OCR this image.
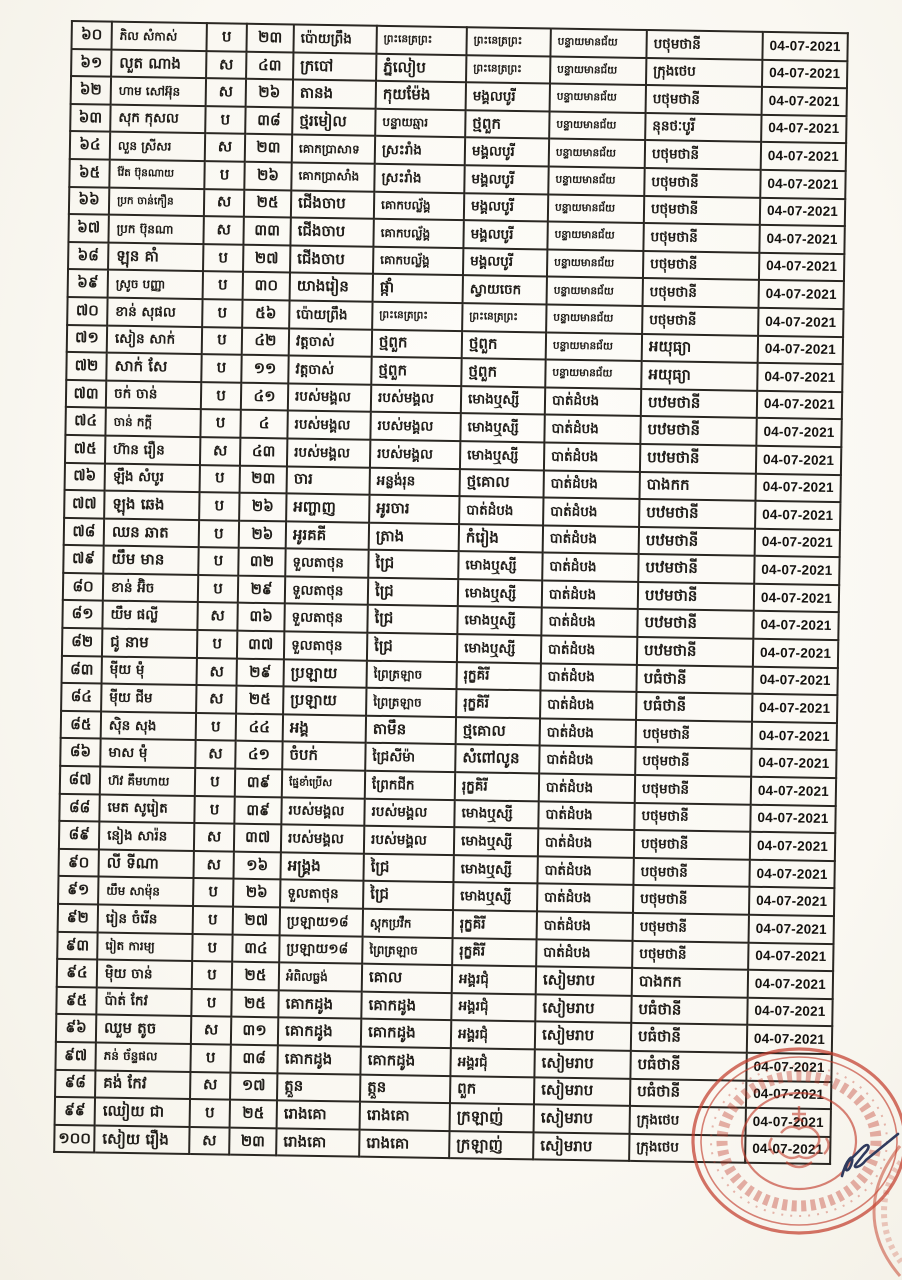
៦០	ភិល សំកាស់	ប	២៣	ប៉ោយព្រឹង	ព្រះនេត្រព្រះ	ព្រះនេត្រព្រះ	បន្ទាយមានជ័យ	បថុមថានី	04-07-2021
៦១	លួត ណាង	ស	៤៣	ក្របៅ	ភ្នំលៀប	ព្រះនេត្រព្រះ	បន្ទាយមានជ័យ	ក្រុងថេប	04-07-2021
៦២	ហាម សៅអ៊ុន	ស	២៦	តានង	កុយម៉ែង	មង្គលបូរី	បន្ទាយមានជ័យ	បថុមថានី	04-07-2021
៦៣	សុក កុសល	ប	៣៨	ថ្មរមៀល	បន្ទាយឆ្មារ	ថ្មពួក	បន្ទាយមានជ័យ	នុនថៈបូរី	04-07-2021
៦៤	លួន ស្រីសរ	ស	២៣	គោកប្រាសាទ	ស្រះរាំង	មង្គលបូរី	បន្ទាយមានជ័យ	បថុមថានី	04-07-2021
៦៥	វ៉ែត ប៊ុនណាយ	ប	២៦	គោកប្រាសាំង	ស្រះរាំង	មង្គលបូរី	បន្ទាយមានជ័យ	បថុមថានី	04-07-2021
៦៦	ប្រក ចាន់កឿន	ស	២៥	ជើងចាប	គោកបល្ល័ង្គ	មង្គលបូរី	បន្ទាយមានជ័យ	បថុមថានី	04-07-2021
៦៧	ប្រក ប៊ុនណា	ស	៣៣	ជើងចាប	គោកបល្ល័ង្គ	មង្គលបូរី	បន្ទាយមានជ័យ	បថុមថានី	04-07-2021
៦៨	ឡុន គាំ	ប	២៧	ជើងចាប	គោកបល្ល័ង្គ	មង្គលបូរី	បន្ទាយមានជ័យ	បថុមថានី	04-07-2021
៦៩	ស្រូច បញ្ញា	ប	៣០	យាងរៀន	ផ្កាំ	ស្វាយចេក	បន្ទាយមានជ័យ	បថុមថានី	04-07-2021
៧០	ខាន់ សុផល	ប	៥៦	ប៉ោយព្រឹង	ព្រះនេត្រព្រះ	ព្រះនេត្រព្រះ	បន្ទាយមានជ័យ	បថុមថានី	04-07-2021
៧១	សៀន សាក់	ប	៤២	វត្តចាស់	ថ្មពួក	ថ្មពួក	បន្ទាយមានជ័យ	អយុធ្យា	04-07-2021
៧២	សាក់ សែ	ប	១១	វត្តចាស់	ថ្មពួក	ថ្មពួក	បន្ទាយមានជ័យ	អយុធ្យា	04-07-2021
៧៣	ចក់ ចាន់	ប	៤១	របស់មង្គល	របស់មង្គល	មោងឬស្សី	បាត់ដំបង	បឋមថានី	04-07-2021
៧៤	ចាន់ កក្ដី	ប	៤	របស់មង្គល	របស់មង្គល	មោងឬស្សី	បាត់ដំបង	បឋមថានី	04-07-2021
៧៥	ហ៊ាន រឿន	ស	៤៣	របស់មង្គល	របស់មង្គល	មោងឬស្សី	បាត់ដំបង	បឋមថានី	04-07-2021
៧៦	ឡឹង សំបូរ	ប	២៣	ចារ	អន្លង់រុន	ថ្មគោល	បាត់ដំបង	បាងកក	04-07-2021
៧៧	ឡុង ឆេង	ប	២៦	អញ្ចាញ	អូរចារ	បាត់ដំបង	បាត់ដំបង	បឋមថានី	04-07-2021
៧៨	ឈន ឆាត	ប	២៦	អូរគគី	ត្រាង	កំរៀង	បាត់ដំបង	បឋមថានី	04-07-2021
៧៩	យឹម មាន	ប	៣២	ទួលតាថុន	ជ្រៃ	មោងឬស្សី	បាត់ដំបង	បឋមថានី	04-07-2021
៨០	ខាន់ អ៊ិច	ប	២៩	ទួលតាថុន	ជ្រៃ	មោងឬស្សី	បាត់ដំបង	បឋមថានី	04-07-2021
៨១	យឹម ផល្លី	ស	៣៦	ទួលតាថុន	ជ្រៃ	មោងឬស្សី	បាត់ដំបង	បឋមថានី	04-07-2021
៨២	ជូ នាម	ប	៣៧	ទួលតាថុន	ជ្រៃ	មោងឬស្សី	បាត់ដំបង	បឋមថានី	04-07-2021
៨៣	ម៉ីយ ម៉ុំ	ស	២៩	ប្រឡាយ	ព្រៃត្រឡាច	រុក្ខគិរី	បាត់ដំបង	បធំថានី	04-07-2021
៨៤	ម៉ីយ ជីម	ស	២៥	ប្រឡាយ	ព្រៃត្រឡាច	រុក្ខគិរី	បាត់ដំបង	បធំថានី	04-07-2021
៨៥	ស៊ិន សុង	ប	៤៤	អង្គ	តាមឹន	ថ្មគោល	បាត់ដំបង	បថុមថានី	04-07-2021
៨៦	មាស ម៉ុំ	ស	៤១	ចំបក់	ជ្រៃសីម៉ា	សំពៅលូន	បាត់ដំបង	បថុមថានី	04-07-2021
៨៧	ហ៊វ គឹមហាយ	ប	៣៩	ផ្នែខាំប្រើស	ព្រែកជីក	រុក្ខគិរី	បាត់ដំបង	បថុមថានី	04-07-2021
៨៨	មេត សូរៀត	ប	៣៩	របស់មង្គល	របស់មង្គល	មោងឬស្សី	បាត់ដំបង	បថុមថានី	04-07-2021
៨៩	នៀង សារ៉ន	ស	៣៧	របស់មង្គល	របស់មង្គល	មោងឬស្សី	បាត់ដំបង	បថុមថានី	04-07-2021
៩០	លី ទីណា	ស	១៦	អង្គ្រង	ជ្រៃ	មោងឬស្សី	បាត់ដំបង	បថុមថានី	04-07-2021
៩១	យឹម សាម៉ុន	ប	២៦	ទួលតាថុន	ជ្រៃ	មោងឬស្សី	បាត់ដំបង	បថុមថានី	04-07-2021
៩២	រៀន ចំរើន	ប	២៧	ប្រឡាយ១៨	ស្ដុកប្រវឹក	រុក្ខគិរី	បាត់ដំបង	បថុមថានី	04-07-2021
៩៣	រៀត ការម្យ	ប	៣៤	ប្រឡាយ១៨	ព្រៃត្រឡាច	រុក្ខគិរី	បាត់ដំបង	បថុមថានី	04-07-2021
៩៤	ម៉ិយ ចាន់	ប	២៥	អំពិលធ្លង់	គោល	អង្គរជុំ	សៀមរាប	បាងកក	04-07-2021
៩៥	ប៉ាត់ កែវ	ប	២៥	គោកដូង	គោកដូង	អង្គរជុំ	សៀមរាប	បធំថានី	04-07-2021
៩៦	ឈួម តូច	ស	៣១	គោកដូង	គោកដូង	អង្គរជុំ	សៀមរាប	បធំថានី	04-07-2021
៩៧	ភន់ ច័ន្ទផល	ប	៣៨	គោកដូង	គោកដូង	អង្គរជុំ	សៀមរាប	បធំថានី	04-07-2021
៩៨	គង់ កែវ	ស	១៧	ត្កួន	ត្កួន	ពួក	សៀមរាប	បធំថានី	04-07-2021
៩៩	ឈៀយ ជា	ប	២៥	រោងគោ	រោងគោ	ក្រឡាញ់	សៀមរាប	ក្រុងថេប	04-07-2021
១០០	សៀយ រឿង	ស	២៣	រោងគោ	រោងគោ	ក្រឡាញ់	សៀមរាប	ក្រុងថេប	04-07-2021
